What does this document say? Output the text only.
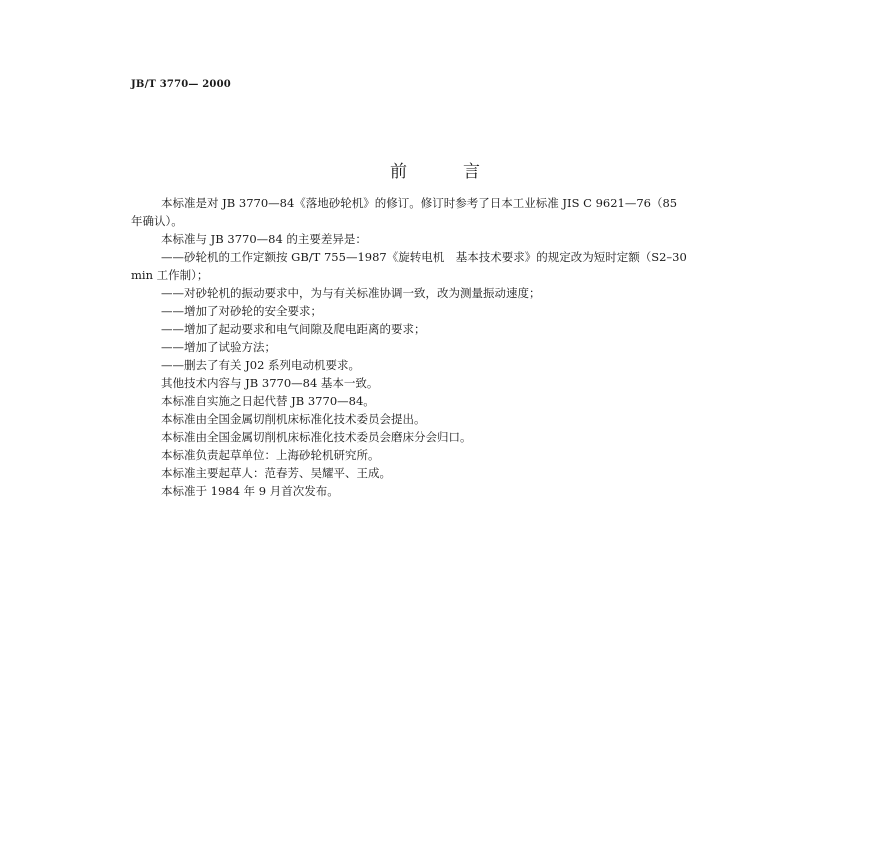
JB/T 3770— 2000
前言

本标准是对 JB 3770—84《落地砂轮机》的修订。修订时参考了日本工业标准 JIS C 9621—76（85

年确认）。

本标准与 JB 3770—84 的主要差异是：

——砂轮机的工作定额按 GB/T 755—1987《旋转电机　基本技术要求》的规定改为短时定额（S2–30

min 工作制）；

——对砂轮机的振动要求中，为与有关标准协调一致，改为测量振动速度；

——增加了对砂轮的安全要求；

——增加了起动要求和电气间隙及爬电距离的要求；

——增加了试验方法；

——删去了有关 J02 系列电动机要求。

其他技术内容与 JB 3770—84 基本一致。

本标准自实施之日起代替 JB 3770—84。

本标准由全国金属切削机床标准化技术委员会提出。

本标准由全国金属切削机床标准化技术委员会磨床分会归口。

本标准负责起草单位：上海砂轮机研究所。

本标准主要起草人：范春芳、吴耀平、王成。

本标准于 1984 年 9 月首次发布。
